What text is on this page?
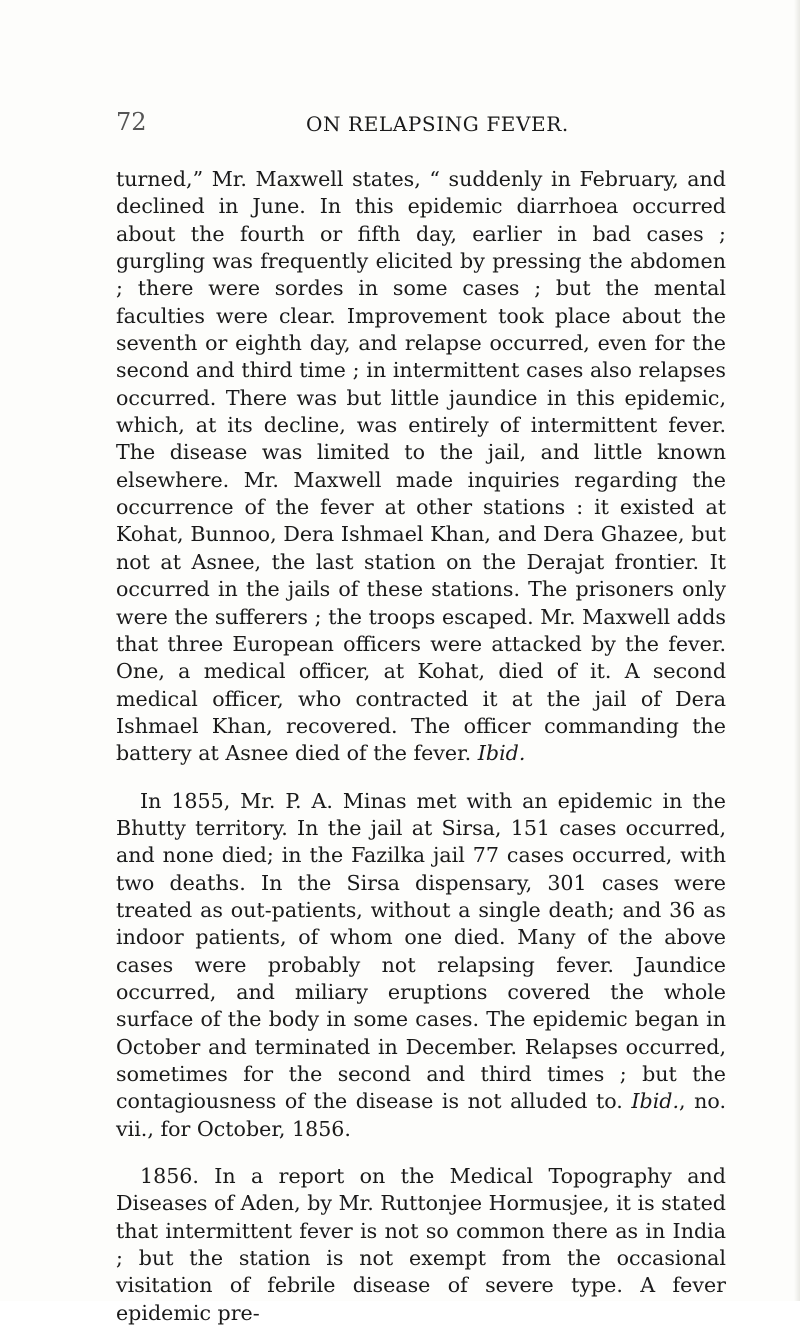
72	ON RELAPSING FEVER.

turned,” Mr. Maxwell states, “ suddenly in February, and declined in June. In this epidemic diarrhoea occurred about the fourth or fifth day, earlier in bad cases ; gurgling was frequently elicited by pressing the abdomen ; there were sordes in some cases ; but the mental faculties were clear. Improvement took place about the seventh or eighth day, and relapse occurred, even for the second and third time ; in intermittent cases also relapses occurred. There was but little jaundice in this epidemic, which, at its decline, was entirely of intermittent fever. The disease was limited to the jail, and little known elsewhere. Mr. Maxwell made inquiries regarding the occurrence of the fever at other stations : it existed at Kohat, Bunnoo, Dera Ishmael Khan, and Dera Ghazee, but not at Asnee, the last station on the Derajat frontier. It occurred in the jails of these stations. The prisoners only were the sufferers ; the troops escaped. Mr. Maxwell adds that three European officers were attacked by the fever. One, a medical officer, at Kohat, died of it. A second medical officer, who contracted it at the jail of Dera Ishmael Khan, recovered. The officer commanding the battery at Asnee died of the fever. Ibid.

In 1855, Mr. P. A. Minas met with an epidemic in the Bhutty territory. In the jail at Sirsa, 151 cases occurred, and none died; in the Fazilka jail 77 cases occurred, with two deaths. In the Sirsa dispensary, 301 cases were treated as out-patients, without a single death; and 36 as indoor patients, of whom one died. Many of the above cases were probably not relapsing fever. Jaundice occurred, and miliary eruptions covered the whole surface of the body in some cases. The epidemic began in October and terminated in December. Relapses occurred, sometimes for the second and third times ; but the contagiousness of the disease is not alluded to. Ibid., no. vii., for October, 1856.

1856. In a report on the Medical Topography and Diseases of Aden, by Mr. Ruttonjee Hormusjee, it is stated that intermittent fever is not so common there as in India ; but the station is not exempt from the occasional visitation of febrile disease of severe type. A fever epidemic pre-
